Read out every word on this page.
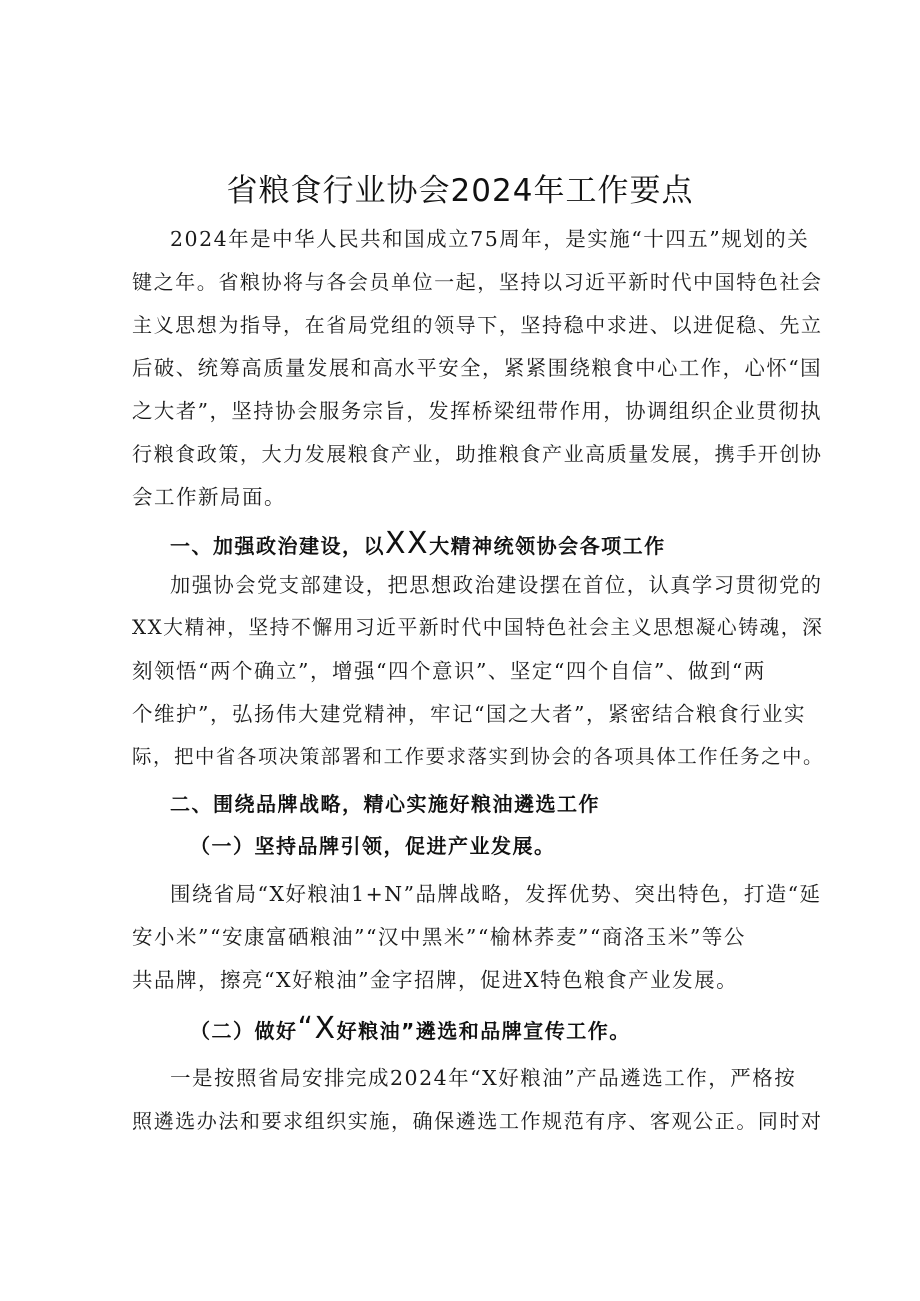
省粮食行业协会2024年工作要点
2024年是中华人民共和国成立75周年，是实施“十四五”规划的关
键之年。省粮协将与各会员单位一起，坚持以习近平新时代中国特色社会
主义思想为指导，在省局党组的领导下，坚持稳中求进、以进促稳、先立
后破、统筹高质量发展和高水平安全，紧紧围绕粮食中心工作，心怀“国
之大者”，坚持协会服务宗旨，发挥桥梁纽带作用，协调组织企业贯彻执
行粮食政策，大力发展粮食产业，助推粮食产业高质量发展，携手开创协
会工作新局面。
一、加强政治建设，以XX大精神统领协会各项工作
加强协会党支部建设，把思想政治建设摆在首位，认真学习贯彻党的
XX大精神，坚持不懈用习近平新时代中国特色社会主义思想凝心铸魂，深
刻领悟“两个确立”，增强“四个意识”、坚定“四个自信”、做到“两
个维护”，弘扬伟大建党精神，牢记“国之大者”，紧密结合粮食行业实
际，把中省各项决策部署和工作要求落实到协会的各项具体工作任务之中。
二、围绕品牌战略，精心实施好粮油遴选工作
（一）坚持品牌引领，促进产业发展。
围绕省局“X好粮油1+N”品牌战略，发挥优势、突出特色，打造“延
安小米”“安康富硒粮油”“汉中黑米”“榆林荞麦”“商洛玉米”等公
共品牌，擦亮“X好粮油”金字招牌，促进X特色粮食产业发展。
（二）做好“X好粮油”遴选和品牌宣传工作。
一是按照省局安排完成2024年“X好粮油”产品遴选工作，严格按
照遴选办法和要求组织实施，确保遴选工作规范有序、客观公正。同时对
